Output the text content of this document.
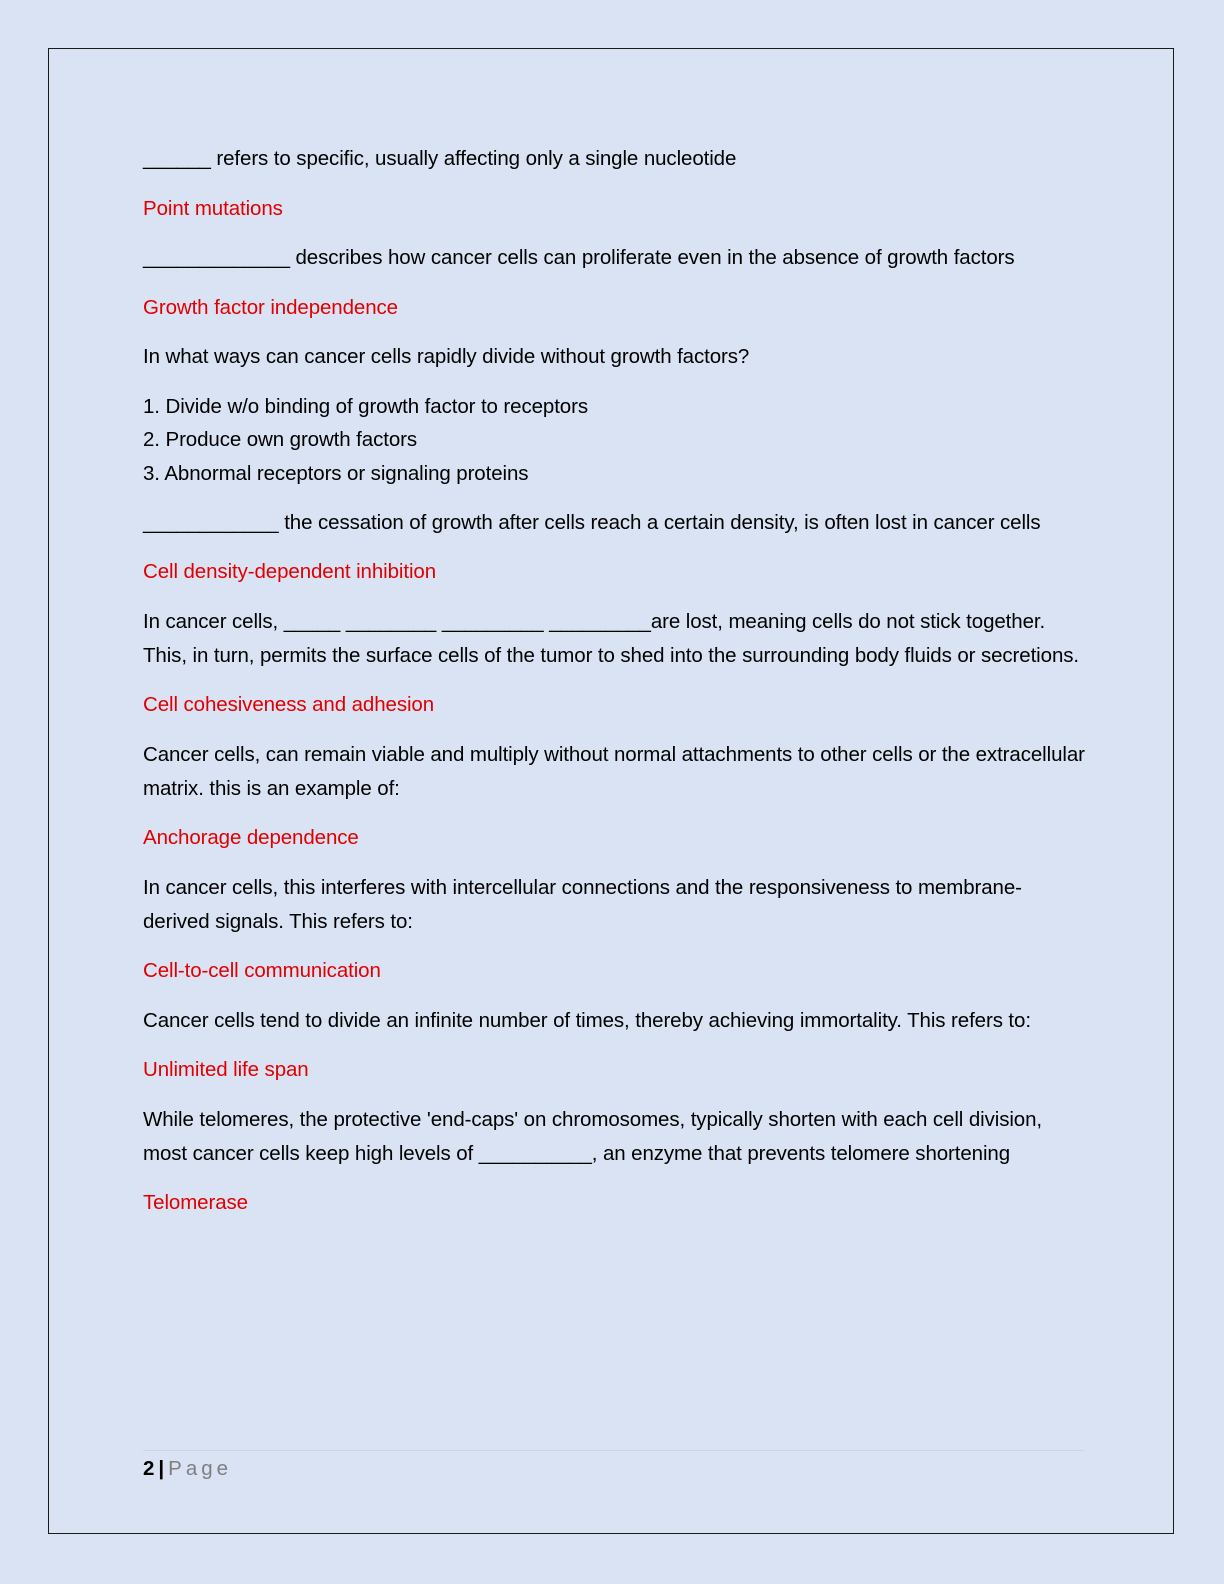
______ refers to specific, usually affecting only a single nucleotide

Point mutations

_____________ describes how cancer cells can proliferate even in the absence of growth factors

Growth factor independence

In what ways can cancer cells rapidly divide without growth factors?

1. Divide w/o binding of growth factor to receptors
2. Produce own growth factors
3. Abnormal receptors or signaling proteins

____________ the cessation of growth after cells reach a certain density, is often lost in cancer cells

Cell density-dependent inhibition

In cancer cells, _____ ________ _________ _________are lost, meaning cells do not stick together. This, in turn, permits the surface cells of the tumor to shed into the surrounding body fluids or secretions.

Cell cohesiveness and adhesion

Cancer cells, can remain viable and multiply without normal attachments to other cells or the extracellular matrix. this is an example of:

Anchorage dependence

In cancer cells, this interferes with intercellular connections and the responsiveness to membrane-derived signals. This refers to:

Cell-to-cell communication

Cancer cells tend to divide an infinite number of times, thereby achieving immortality. This refers to:

Unlimited life span

While telomeres, the protective 'end-caps' on chromosomes, typically shorten with each cell division, most cancer cells keep high levels of __________, an enzyme that prevents telomere shortening

Telomerase

2 | Page
